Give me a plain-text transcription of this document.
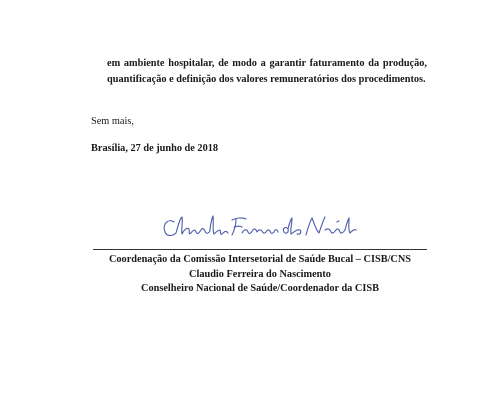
em ambiente hospitalar, de modo a garantir faturamento da produção,
quantificação e definição dos valores remuneratórios dos procedimentos.
Sem mais,
Brasília, 27 de junho de 2018
Coordenação da Comissão Intersetorial de Saúde Bucal – CISB/CNS
Claudio Ferreira do Nascimento
Conselheiro Nacional de Saúde/Coordenador da CISB
